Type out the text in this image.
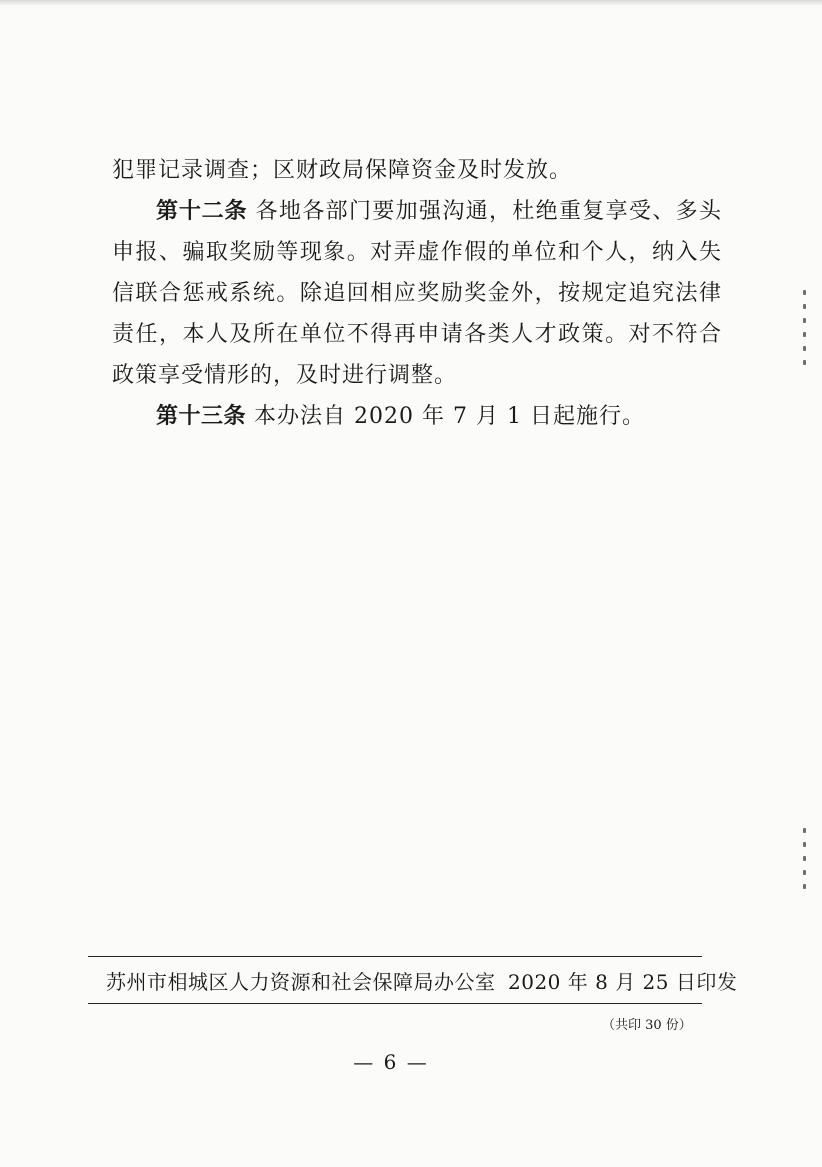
犯罪记录调查；区财政局保障资金及时发放。

第十二条 各地各部门要加强沟通，杜绝重复享受、多头申报、骗取奖励等现象。对弄虚作假的单位和个人，纳入失信联合惩戒系统。除追回相应奖励奖金外，按规定追究法律责任，本人及所在单位不得再申请各类人才政策。对不符合政策享受情形的，及时进行调整。

第十三条 本办法自 2020 年 7 月 1 日起施行。

苏州市相城区人力资源和社会保障局办公室 2020 年 8 月 25 日印发
（共印 30 份）
— 6 —
